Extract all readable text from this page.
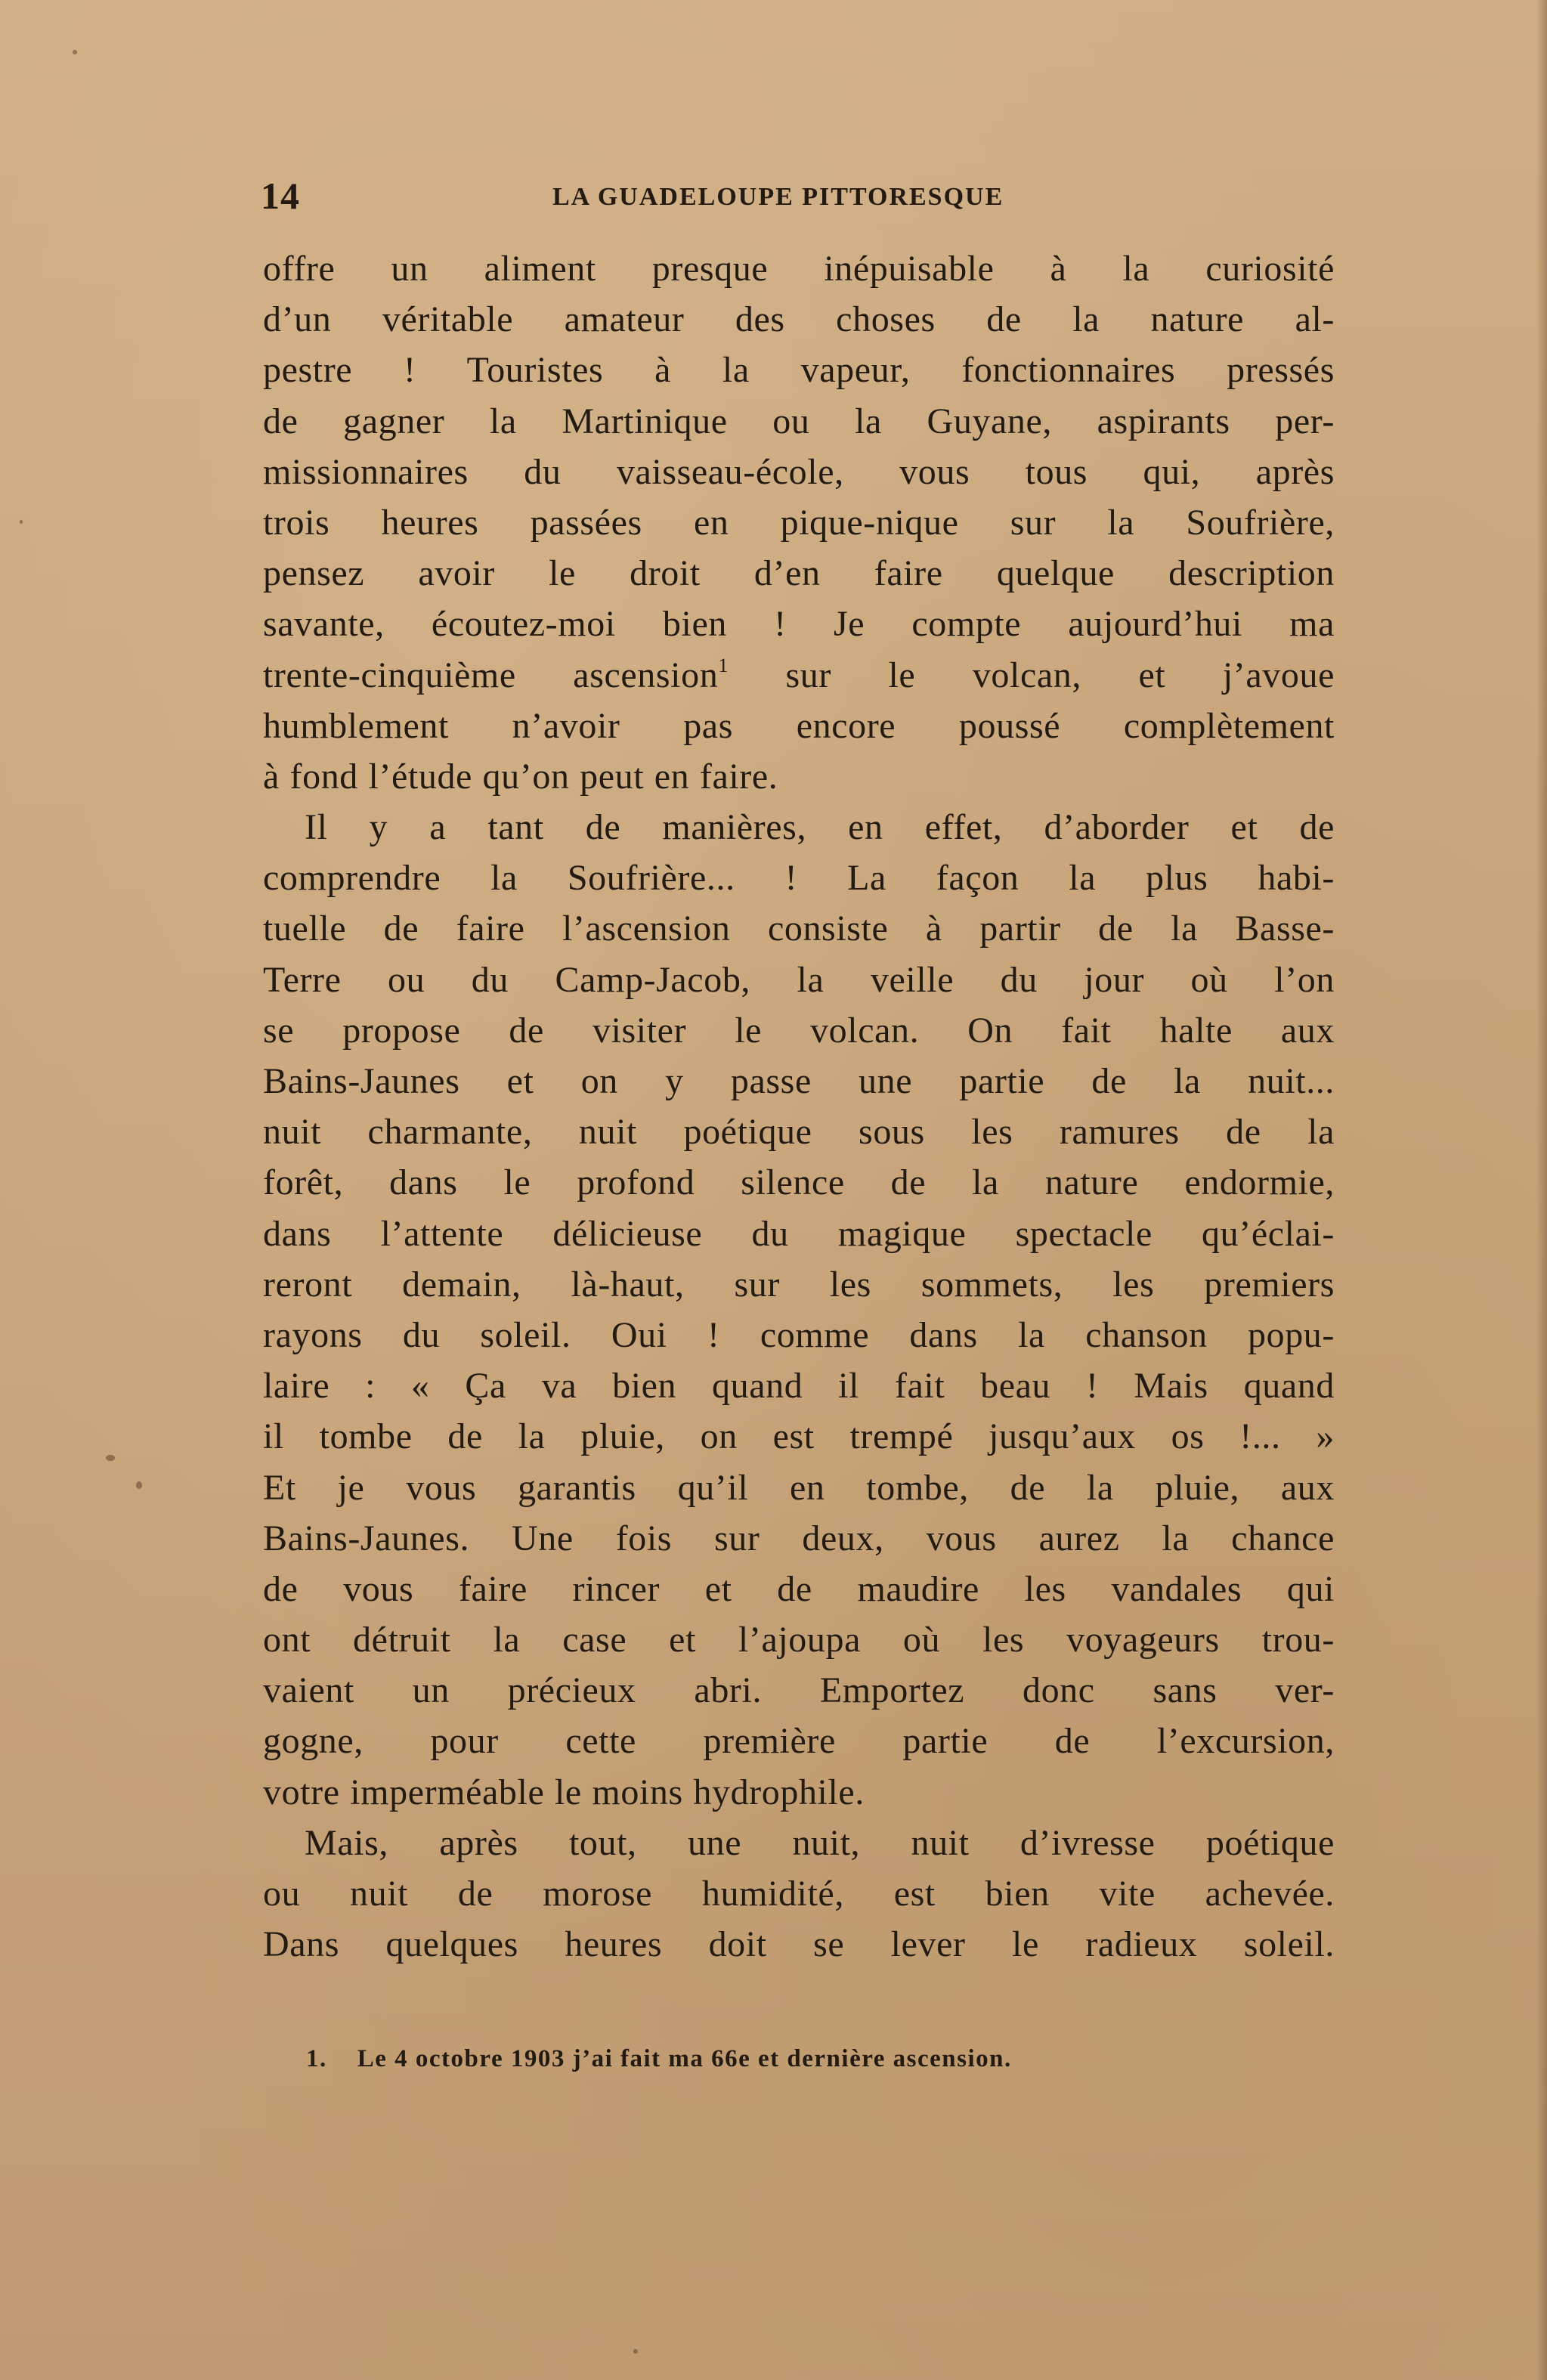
14	LA GUADELOUPE PITTORESQUE
offre un aliment presque inépuisable à la curiosité
d’un véritable amateur des choses de la nature al-
pestre ! Touristes à la vapeur, fonctionnaires pressés
de gagner la Martinique ou la Guyane, aspirants per-
missionnaires du vaisseau-école, vous tous qui, après
trois heures passées en pique-nique sur la Soufrière,
pensez avoir le droit d’en faire quelque description
savante, écoutez-moi bien ! Je compte aujourd’hui ma
trente-cinquième ascension$^1$ sur le volcan, et j’avoue
humblement n’avoir pas encore poussé complètement
à fond l’étude qu’on peut en faire.
Il y a tant de manières, en effet, d’aborder et de
comprendre la Soufrière... ! La façon la plus habi-
tuelle de faire l’ascension consiste à partir de la Basse-
Terre ou du Camp-Jacob, la veille du jour où l’on
se propose de visiter le volcan. On fait halte aux
Bains-Jaunes et on y passe une partie de la nuit...
nuit charmante, nuit poétique sous les ramures de la
forêt, dans le profond silence de la nature endormie,
dans l’attente délicieuse du magique spectacle qu’éclai-
reront demain, là-haut, sur les sommets, les premiers
rayons du soleil. Oui ! comme dans la chanson popu-
laire : « Ça va bien quand il fait beau ! Mais quand
il tombe de la pluie, on est trempé jusqu’aux os !... »
Et je vous garantis qu’il en tombe, de la pluie, aux
Bains-Jaunes. Une fois sur deux, vous aurez la chance
de vous faire rincer et de maudire les vandales qui
ont détruit la case et l’ajoupa où les voyageurs trou-
vaient un précieux abri. Emportez donc sans ver-
gogne, pour cette première partie de l’excursion,
votre imperméable le moins hydrophile.
Mais, après tout, une nuit, nuit d’ivresse poétique
ou nuit de morose humidité, est bien vite achevée.
Dans quelques heures doit se lever le radieux soleil.
1. Le 4 octobre 1903 j’ai fait ma 66e et dernière ascension.
